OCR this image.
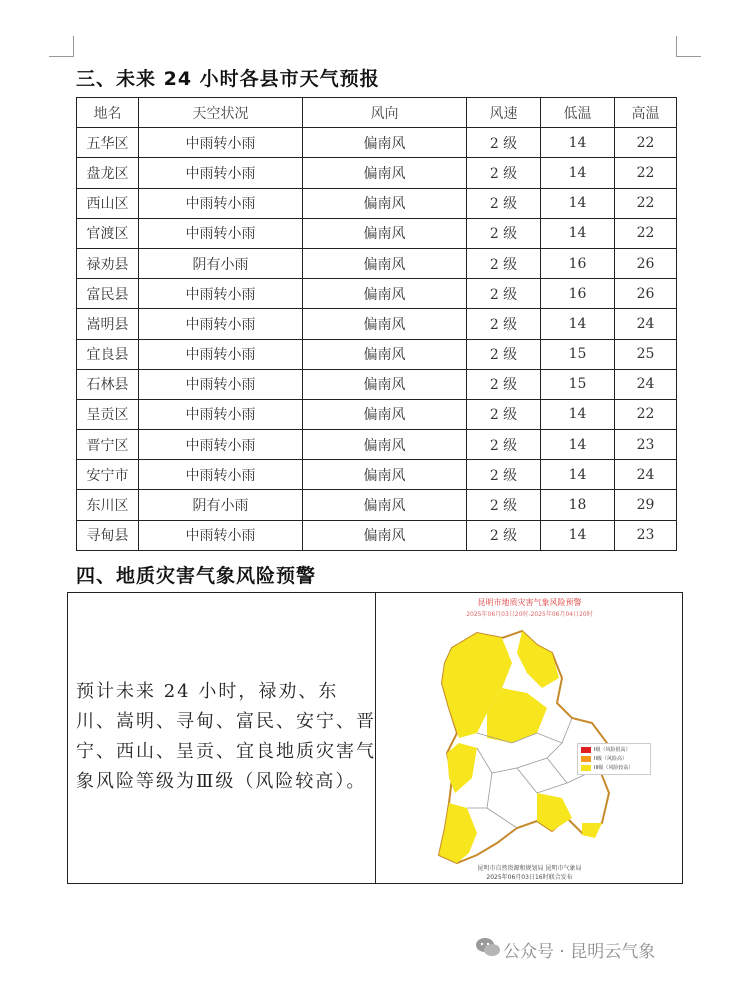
三、未来 24 小时各县市天气预报
地名	天空状况	风向	风速	低温	高温
五华区	中雨转小雨	偏南风	2 级	14	22
盘龙区	中雨转小雨	偏南风	2 级	14	22
西山区	中雨转小雨	偏南风	2 级	14	22
官渡区	中雨转小雨	偏南风	2 级	14	22
禄劝县	阴有小雨	偏南风	2 级	16	26
富民县	中雨转小雨	偏南风	2 级	16	26
嵩明县	中雨转小雨	偏南风	2 级	14	24
宜良县	中雨转小雨	偏南风	2 级	15	25
石林县	中雨转小雨	偏南风	2 级	15	24
呈贡区	中雨转小雨	偏南风	2 级	14	22
晋宁区	中雨转小雨	偏南风	2 级	14	23
安宁市	中雨转小雨	偏南风	2 级	14	24
东川区	阴有小雨	偏南风	2 级	18	29
寻甸县	中雨转小雨	偏南风	2 级	14	23
四、地质灾害气象风险预警

预计未来 24 小时，禄劝、东川、嵩明、寻甸、富民、安宁、晋宁、西山、呈贡、宜良地质灾害气象风险等级为Ⅲ级（风险较高）。

昆明市地质灾害气象风险预警
2025年06月03日20时-2025年06月04日20时
I级（风险很高）
II级（风险高）
III级（风险较高）
昆明市自然资源和规划局 昆明市气象局
2025年06月03日16时联合发布
公众号 · 昆明云气象
